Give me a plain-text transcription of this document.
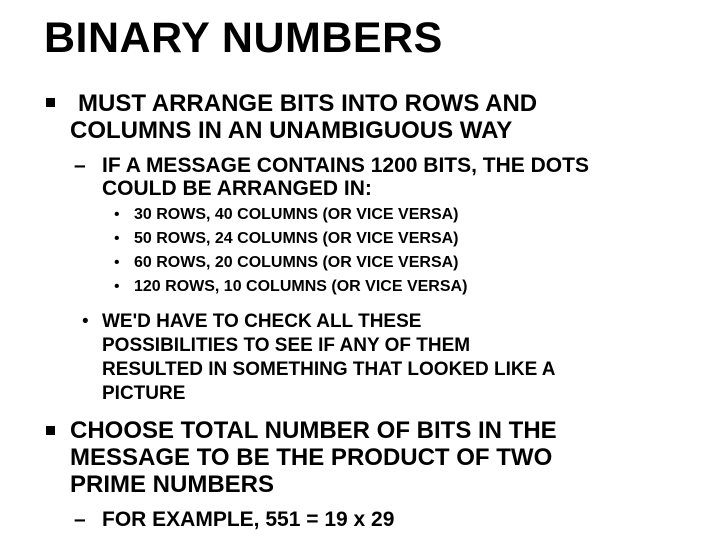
BINARY NUMBERS
MUST ARRANGE BITS INTO ROWS AND
COLUMNS IN AN UNAMBIGUOUS WAY
– IF A MESSAGE CONTAINS 1200 BITS, THE DOTS
COULD BE ARRANGED IN:
• 30 ROWS, 40 COLUMNS (OR VICE VERSA)
• 50 ROWS, 24 COLUMNS (OR VICE VERSA)
• 60 ROWS, 20 COLUMNS (OR VICE VERSA)
• 120 ROWS, 10 COLUMNS (OR VICE VERSA)
• WE'D HAVE TO CHECK ALL THESE
POSSIBILITIES TO SEE IF ANY OF THEM
RESULTED IN SOMETHING THAT LOOKED LIKE A
PICTURE
CHOOSE TOTAL NUMBER OF BITS IN THE
MESSAGE TO BE THE PRODUCT OF TWO
PRIME NUMBERS
– FOR EXAMPLE, 551 = 19 x 29
